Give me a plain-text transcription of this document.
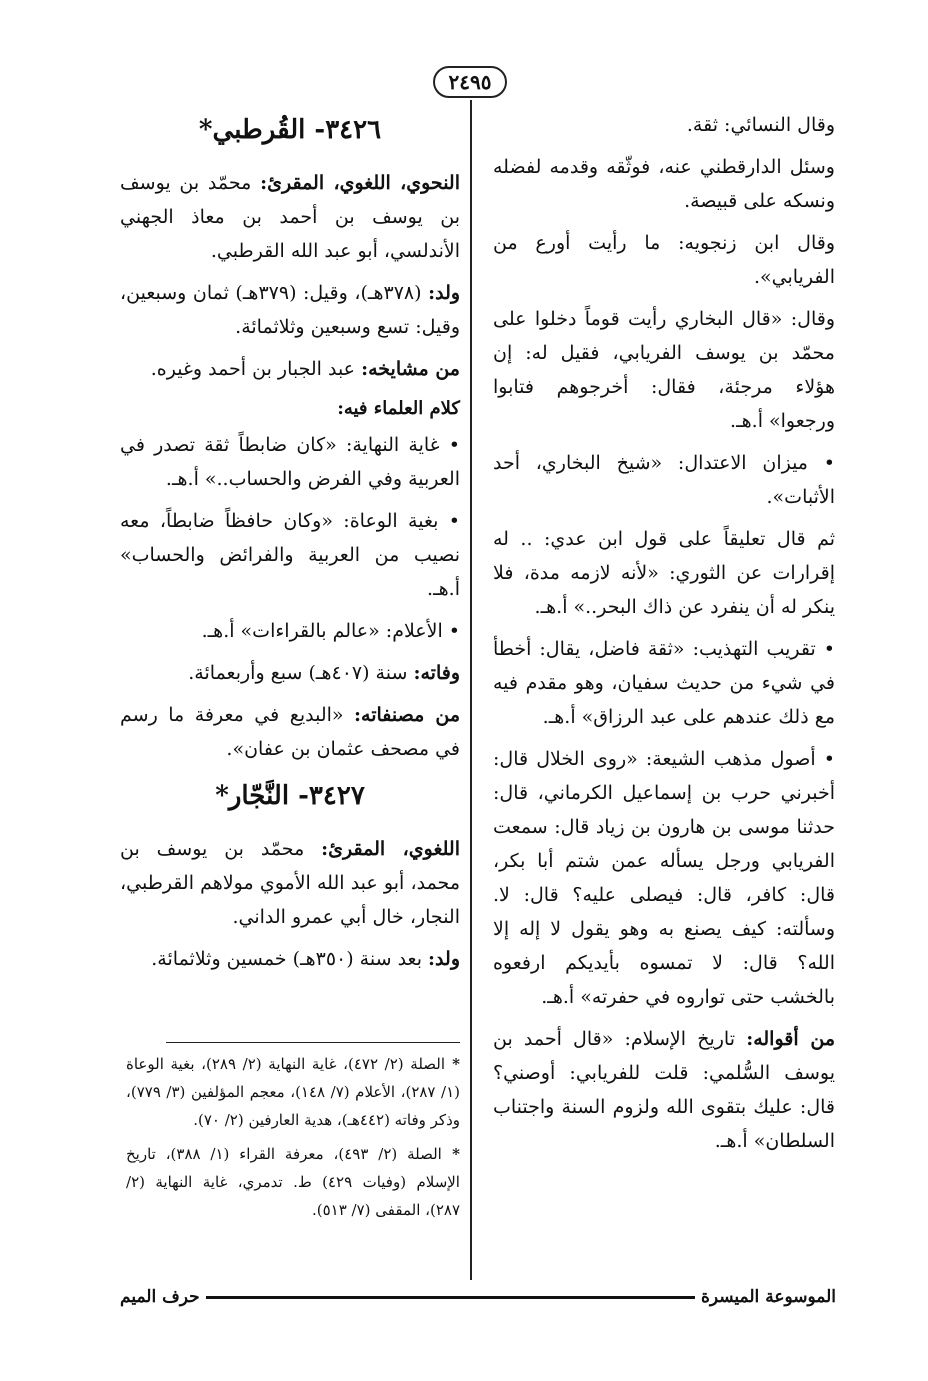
٢٤٩٥

وقال النسائي: ثقة.

وسئل الدارقطني عنه، فوثّقه وقدمه لفضله ونسكه على قبيصة.

وقال ابن زنجويه: ما رأيت أورع من الفريابي».

وقال: «قال البخاري رأيت قوماً دخلوا على محمّد بن يوسف الفريابي، فقيل له: إن هؤلاء مرجئة، فقال: أخرجوهم فتابوا ورجعوا» أ.هـ.

• ميزان الاعتدال: «شيخ البخاري، أحد الأثبات».

ثم قال تعليقاً على قول ابن عدي: .. له إقرارات عن الثوري: «لأنه لازمه مدة، فلا ينكر له أن ينفرد عن ذاك البحر..» أ.هـ.

• تقريب التهذيب: «ثقة فاضل، يقال: أخطأ في شيء من حديث سفيان، وهو مقدم فيه مع ذلك عندهم على عبد الرزاق» أ.هـ.

• أصول مذهب الشيعة: «روى الخلال قال: أخبرني حرب بن إسماعيل الكرماني، قال: حدثنا موسى بن هارون بن زياد قال: سمعت الفريابي ورجل يسأله عمن شتم أبا بكر، قال: كافر، قال: فيصلى عليه؟ قال: لا. وسألته: كيف يصنع به وهو يقول لا إله إلا الله؟ قال: لا تمسوه بأيديكم ارفعوه بالخشب حتى تواروه في حفرته» أ.هـ.

من أقواله: تاريخ الإسلام: «قال أحمد بن يوسف السُّلمي: قلت للفريابي: أوصني؟ قال: عليك بتقوى الله ولزوم السنة واجتناب السلطان» أ.هـ.

٣٤٢٦- القُرطبي*

النحوي، اللغوي، المقرئ: محمّد بن يوسف بن يوسف بن أحمد بن معاذ الجهني الأندلسي، أبو عبد الله القرطبي.

ولد: (٣٧٨هـ)، وقيل: (٣٧٩هـ) ثمان وسبعين، وقيل: تسع وسبعين وثلاثمائة.

من مشايخه: عبد الجبار بن أحمد وغيره.

كلام العلماء فيه:

• غاية النهاية: «كان ضابطاً ثقة تصدر في العربية وفي الفرض والحساب..» أ.هـ.

• بغية الوعاة: «وكان حافظاً ضابطاً، معه نصيب من العربية والفرائض والحساب» أ.هـ.

• الأعلام: «عالم بالقراءات» أ.هـ.

وفاته: سنة (٤٠٧هـ) سبع وأربعمائة.

من مصنفاته: «البديع في معرفة ما رسم في مصحف عثمان بن عفان».

٣٤٢٧- النَّجّار*

اللغوي، المقرئ: محمّد بن يوسف بن محمد، أبو عبد الله الأموي مولاهم القرطبي، النجار، خال أبي عمرو الداني.

ولد: بعد سنة (٣٥٠هـ) خمسين وثلاثمائة.

* الصلة (٢/ ٤٧٢)، غاية النهاية (٢/ ٢٨٩)، بغية الوعاة (١/ ٢٨٧)، الأعلام (٧/ ١٤٨)، معجم المؤلفين (٣/ ٧٧٩)، وذكر وفاته (٤٤٢هـ)، هدية العارفين (٢/ ٧٠).

* الصلة (٢/ ٤٩٣)، معرفة القراء (١/ ٣٨٨)، تاريخ الإسلام (وفيات ٤٢٩) ط. تدمري، غاية النهاية (٢/ ٢٨٧)، المقفى (٧/ ٥١٣).

الموسوعة الميسرة
حرف الميم
